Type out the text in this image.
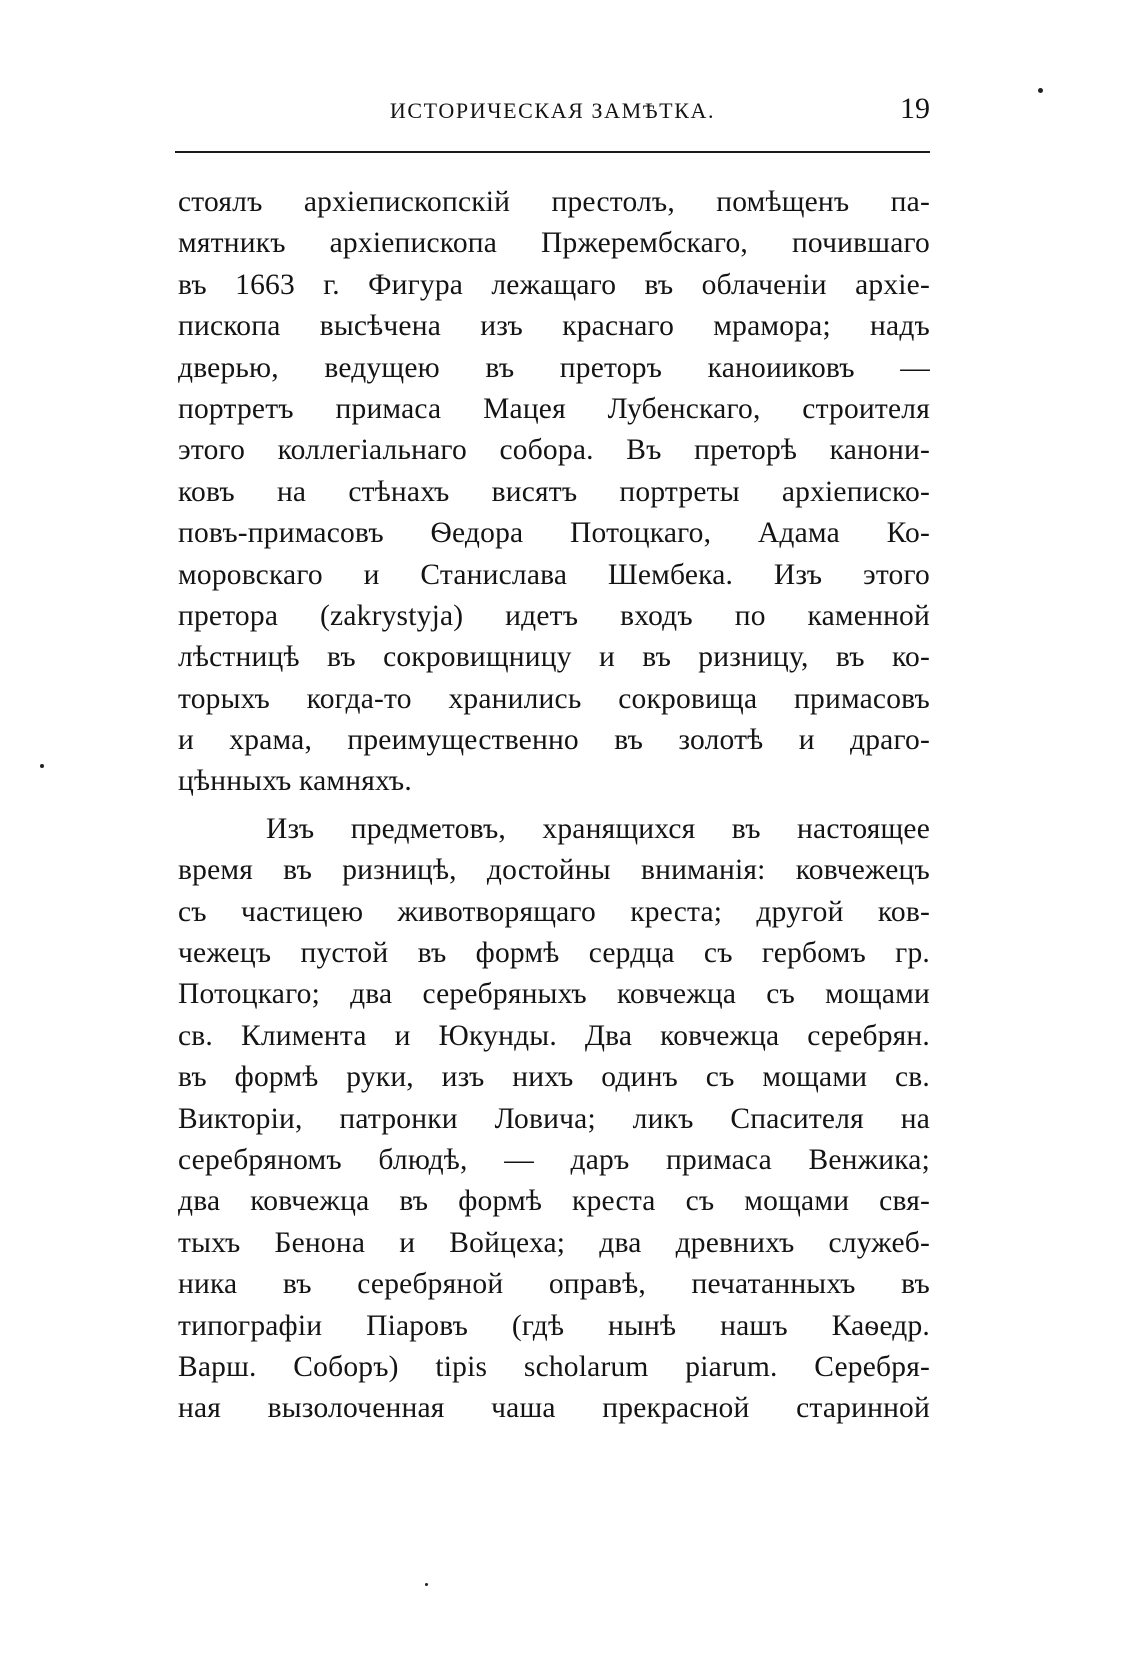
ИСТОРИЧЕСКАЯ ЗАМѢТКА.	19
стоялъ архіепископскій престолъ, помѣщенъ па-
мятникъ архіепископа Пржерембскаго, почившаго
въ 1663 г. Фигура лежащаго въ облаченіи архіе-
пископа высѣчена изъ краснаго мрамора; надъ
дверью, ведущею въ преторъ каноииковъ —
портретъ примаса Мацея Лубенскаго, строителя
этого коллегіальнаго собора. Въ преторѣ канони-
ковъ на стѣнахъ висятъ портреты архіеписко-
повъ-примасовъ Ѳедора Потоцкаго, Адама Ко-
моровскаго и Станислава Шембека. Изъ этого
претора (zakrystyja) идетъ входъ по каменной
лѣстницѣ въ сокровищницу и въ ризницу, въ ко-
торыхъ когда-то хранились сокровища примасовъ
и храма, преимущественно въ золотѣ и драго-
цѣнныхъ камняхъ.
Изъ предметовъ, хранящихся въ настоящее
время въ ризницѣ, достойны вниманія: ковчежецъ
съ частицею животворящаго креста; другой ков-
чежецъ пустой въ формѣ сердца съ гербомъ гр.
Потоцкаго; два серебряныхъ ковчежца съ мощами
св. Климента и Юкунды. Два ковчежца серебрян.
въ формѣ руки, изъ нихъ одинъ съ мощами св.
Викторіи, патронки Ловича; ликъ Спасителя на
серебряномъ блюдѣ, — даръ примаса Венжика;
два ковчежца въ формѣ креста съ мощами свя-
тыхъ Бенона и Войцеха; два древнихъ служеб-
ника въ серебряной оправѣ, печатанныхъ въ
типографіи Піаровъ (гдѣ нынѣ нашъ Каѳедр.
Варш. Соборъ) tipis scholarum piarum. Серебря-
ная вызолоченная чаша прекрасной старинной
